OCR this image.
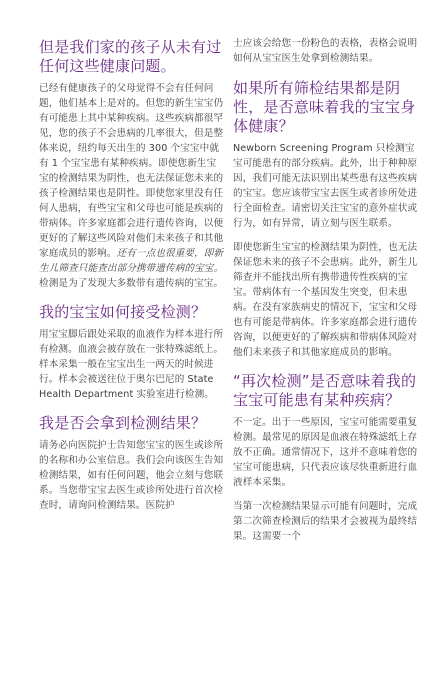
但是我们家的孩子从未有过任何这些健康问题。

已经有健康孩子的父母觉得不会有任何问题，他们基本上是对的。但您的新生宝宝仍有可能患上其中某种疾病。这些疾病都很罕见，您的孩子不会患病的几率很大，但是整体来说，纽约每天出生的 300 个宝宝中就有 1 个宝宝患有某种疾病。即使您新生宝宝的检测结果为阴性，也无法保证您未来的孩子检测结果也是阴性。即使您家里没有任何人患病，有些宝宝和父母也可能是疾病的带病体。许多家庭都会进行遗传咨询，以便更好的了解这些风险对他们未来孩子和其他家庭成员的影响。还有一点也很重要，即新生儿筛查只能查出部分携带遗传病的宝宝。检测是为了发现大多数带有遗传病的宝宝。

我的宝宝如何接受检测？

用宝宝脚后跟处采取的血液作为样本进行所有检测。血液会被存放在一张特殊滤纸上。样本采集一般在宝宝出生一两天的时候进行。样本会被送往位于奥尔巴尼的 State Health Department 实验室进行检测。

我是否会拿到检测结果？

请务必向医院护士告知您宝宝的医生或诊所的名称和办公室信息。我们会向该医生告知检测结果，如有任何问题，他会立刻与您联系。当您带宝宝去医生或诊所处进行首次检查时，请询问检测结果。医院护

士应该会给您一份粉色的表格，表格会说明如何从宝宝医生处拿到检测结果。

如果所有筛检结果都是阴性，是否意味着我的宝宝身体健康？

Newborn Screening Program 只检测宝宝可能患有的部分疾病。此外，出于种种原因，我们可能无法识别出某些患有这些疾病的宝宝。您应该带宝宝去医生或者诊所处进行全面检查。请密切关注宝宝的意外症状或行为，如有异常，请立刻与医生联系。

即使您新生宝宝的检测结果为阴性，也无法保证您未来的孩子不会患病。此外，新生儿筛查并不能找出所有携带遗传性疾病的宝宝。带病体有一个基因发生突变，但未患病。在没有家族病史的情况下，宝宝和父母也有可能是带病体。许多家庭都会进行遗传咨询，以便更好的了解疾病和带病体风险对他们未来孩子和其他家庭成员的影响。

“再次检测”是否意味着我的宝宝可能患有某种疾病？

不一定。出于一些原因，宝宝可能需要重复检测。最常见的原因是血液在特殊滤纸上存放不正确。通常情况下，这并不意味着您的宝宝可能患病，只代表应该尽快重新进行血液样本采集。

当第一次检测结果显示可能有问题时，完成第二次筛查检测后的结果才会被视为最终结果。这需要一个
